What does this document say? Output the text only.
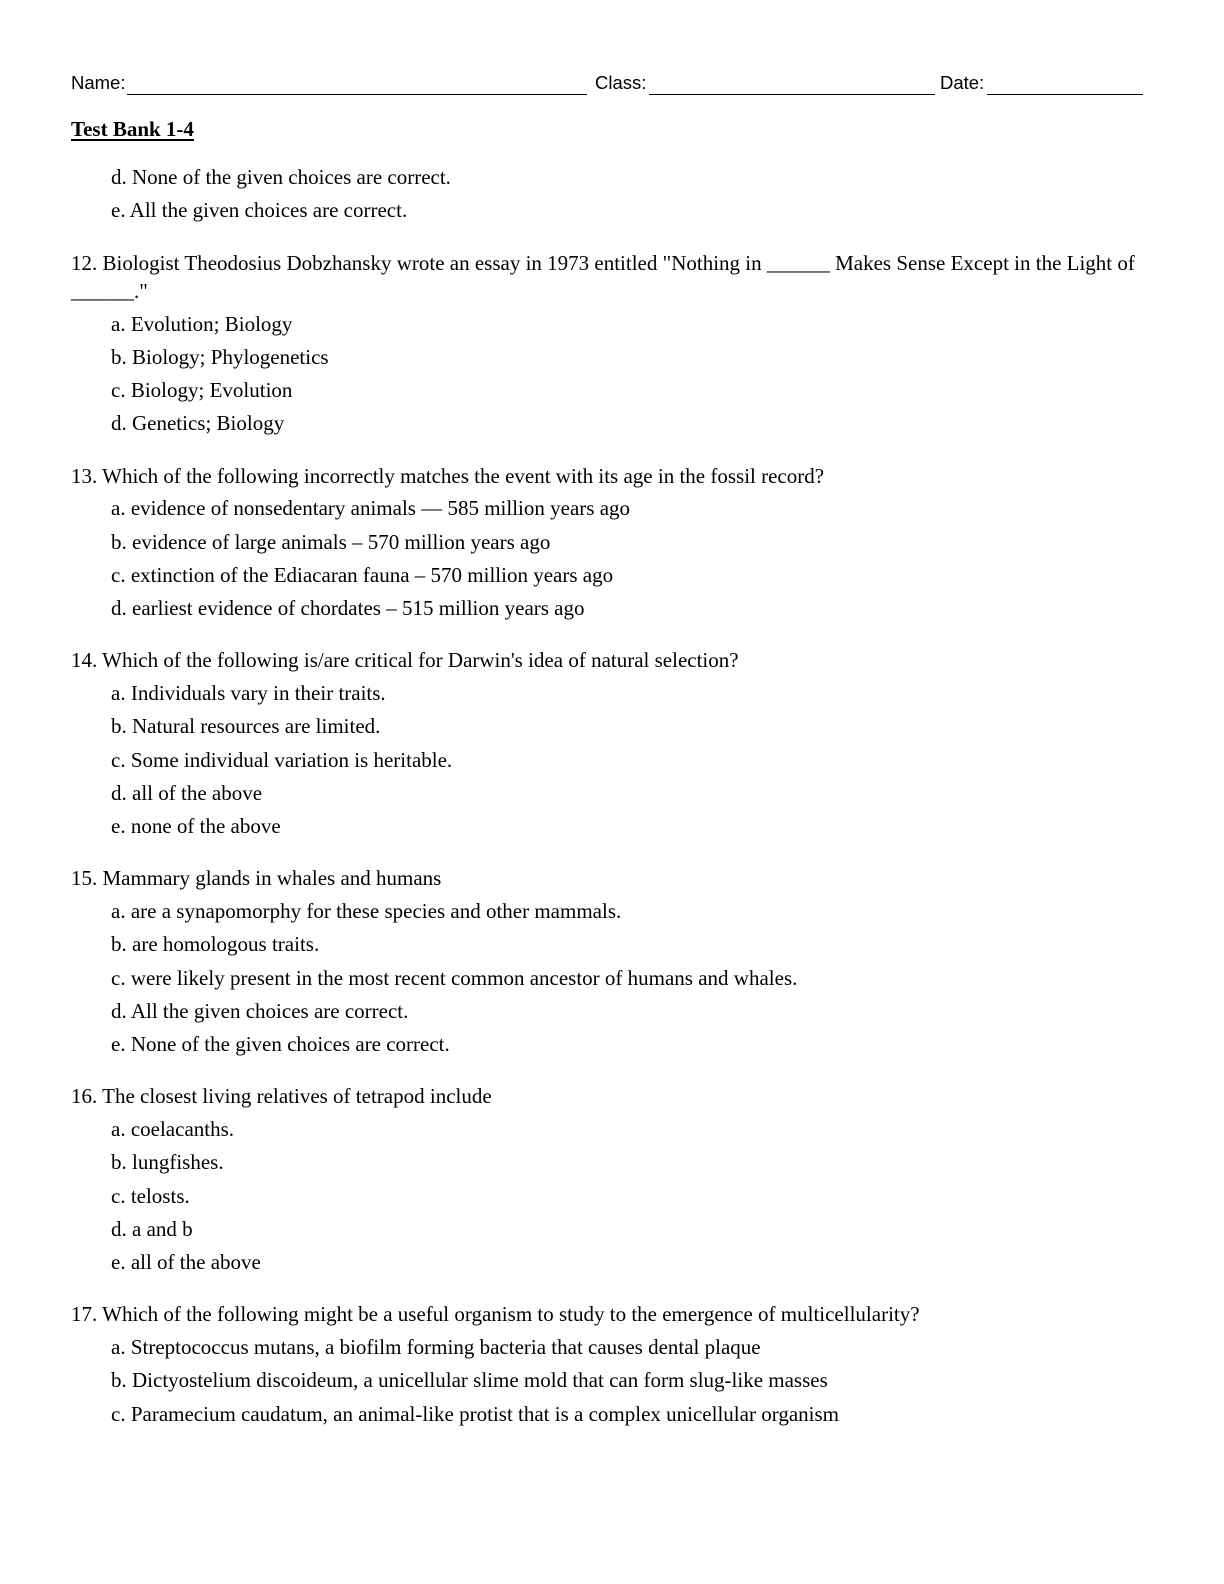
Name:	Class:	Date:
Test Bank 1-4

d. None of the given choices are correct.

e. All the given choices are correct.

12. Biologist Theodosius Dobzhansky wrote an essay in 1973 entitled "Nothing in ______ Makes Sense Except in the Light of ______."

a. Evolution; Biology

b. Biology; Phylogenetics

c. Biology; Evolution

d. Genetics; Biology

13. Which of the following incorrectly matches the event with its age in the fossil record?

a. evidence of nonsedentary animals — 585 million years ago

b. evidence of large animals – 570 million years ago

c. extinction of the Ediacaran fauna – 570 million years ago

d. earliest evidence of chordates – 515 million years ago

14. Which of the following is/are critical for Darwin's idea of natural selection?

a. Individuals vary in their traits.

b. Natural resources are limited.

c. Some individual variation is heritable.

d. all of the above

e. none of the above

15. Mammary glands in whales and humans

a. are a synapomorphy for these species and other mammals.

b. are homologous traits.

c. were likely present in the most recent common ancestor of humans and whales.

d. All the given choices are correct.

e. None of the given choices are correct.

16. The closest living relatives of tetrapod include

a. coelacanths.

b. lungfishes.

c. telosts.

d. a and b

e. all of the above

17. Which of the following might be a useful organism to study to the emergence of multicellularity?

a. Streptococcus mutans, a biofilm forming bacteria that causes dental plaque

b. Dictyostelium discoideum, a unicellular slime mold that can form slug-like masses

c. Paramecium caudatum, an animal-like protist that is a complex unicellular organism
